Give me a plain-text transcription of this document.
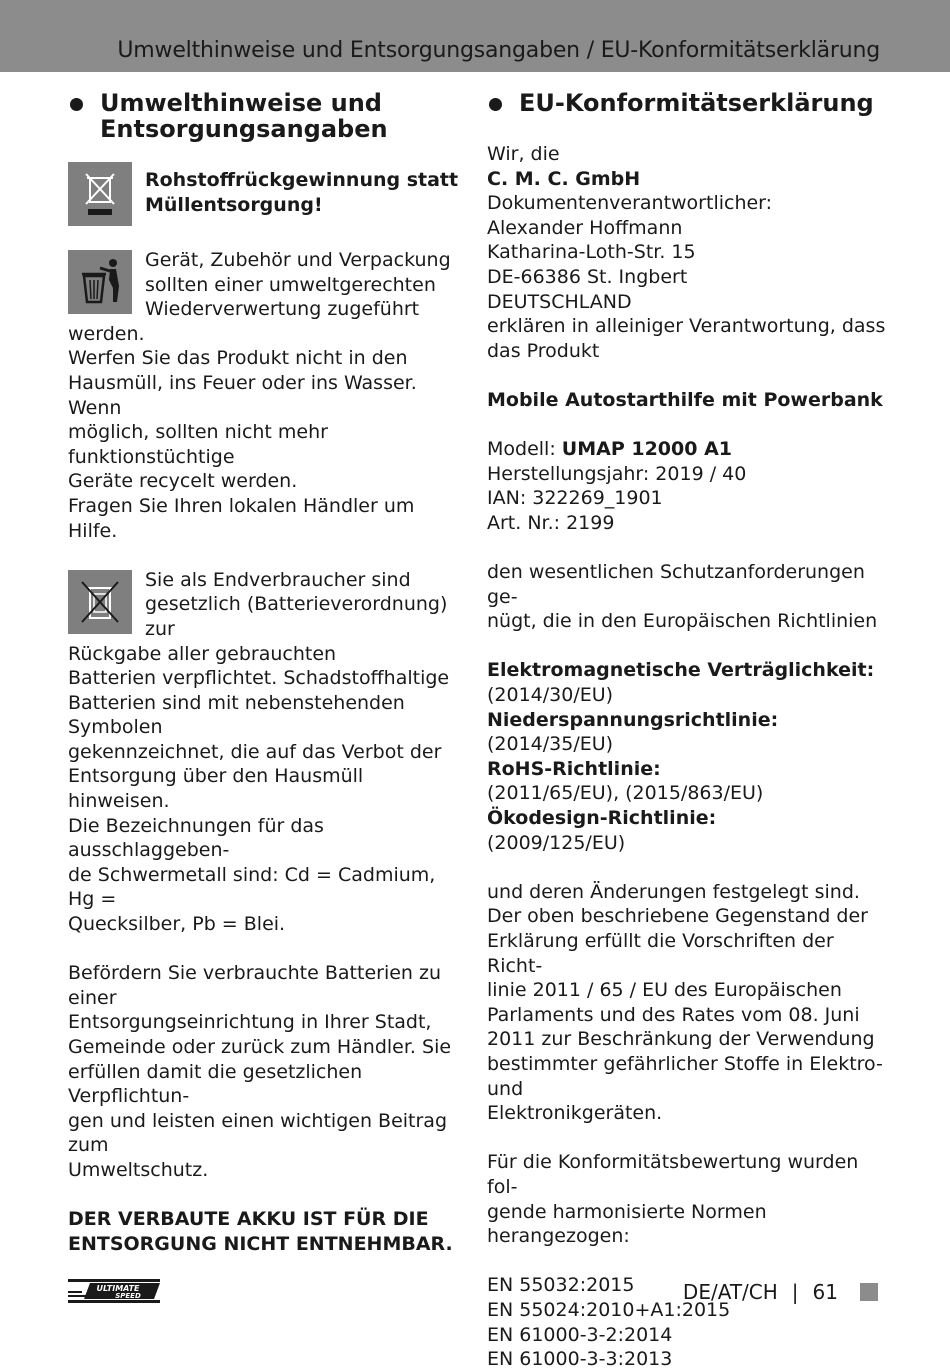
Umwelthinweise und Entsorgungsangaben / EU-Konformitätserklärung
Umwelthinweise und
Entsorgungsangaben
Rohstoffrückgewinnung statt
Müllentsorgung!
Gerät, Zubehör und Verpackung
sollten einer umweltgerechten
Wiederverwertung zugeführt
werden.
Werfen Sie das Produkt nicht in den
Hausmüll, ins Feuer oder ins Wasser. Wenn
möglich, sollten nicht mehr funktionstüchtige
Geräte recycelt werden.
Fragen Sie Ihren lokalen Händler um Hilfe.
Sie als Endverbraucher sind
gesetzlich (Batterieverordnung) zur
Rückgabe aller gebrauchten
Batterien verpflichtet. Schadstoffhaltige
Batterien sind mit nebenstehenden Symbolen
gekennzeichnet, die auf das Verbot der
Entsorgung über den Hausmüll hinweisen.
Die Bezeichnungen für das ausschlaggeben-
de Schwermetall sind: Cd = Cadmium, Hg =
Quecksilber, Pb = Blei.
Befördern Sie verbrauchte Batterien zu einer
Entsorgungseinrichtung in Ihrer Stadt,
Gemeinde oder zurück zum Händler. Sie
erfüllen damit die gesetzlichen Verpflichtun-
gen und leisten einen wichtigen Beitrag zum
Umweltschutz.
DER VERBAUTE AKKU IST FÜR DIE
ENTSORGUNG NICHT ENTNEHMBAR.
EU-Konformitätserklärung
Wir, die
C. M. C. GmbH
Dokumentenverantwortlicher:
Alexander Hoffmann
Katharina-Loth-Str. 15
DE-66386 St. Ingbert
DEUTSCHLAND
erklären in alleiniger Verantwortung, dass
das Produkt
Mobile Autostarthilfe mit Powerbank
Modell: UMAP 12000 A1
Herstellungsjahr: 2019 / 40
IAN: 322269_1901
Art. Nr.: 2199
den wesentlichen Schutzanforderungen ge-
nügt, die in den Europäischen Richtlinien
Elektromagnetische Verträglichkeit:
(2014/30/EU)
Niederspannungsrichtlinie:
(2014/35/EU)
RoHS-Richtlinie:
(2011/65/EU), (2015/863/EU)
Ökodesign-Richtlinie:
(2009/125/EU)
und deren Änderungen festgelegt sind.
Der oben beschriebene Gegenstand der
Erklärung erfüllt die Vorschriften der Richt-
linie 2011 / 65 / EU des Europäischen
Parlaments und des Rates vom 08. Juni
2011 zur Beschränkung der Verwendung
bestimmter gefährlicher Stoffe in Elektro- und
Elektronikgeräten.
Für die Konformitätsbewertung wurden fol-
gende harmonisierte Normen herangezogen:
EN 55032:2015
EN 55024:2010+A1:2015
EN 61000-3-2:2014
EN 61000-3-3:2013
ULTIMATE
SPEED	DE/AT/CH | 61
